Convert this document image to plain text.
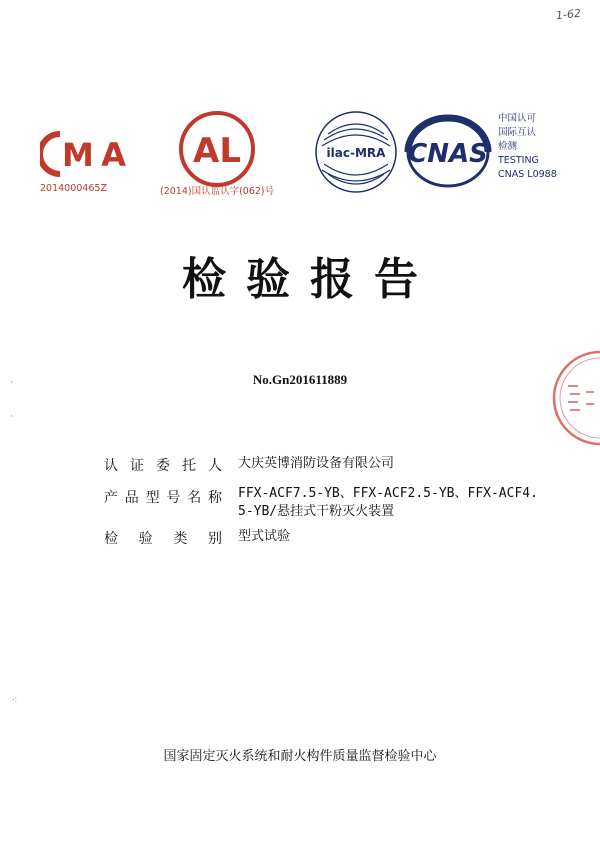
1-62
MA
2014000465Z
AL
(2014)国认监认字(062)号
ilac-MRA CNAS
中国认可
国际互认
检测
TESTING
CNAS L0988
检验报告
No.Gn201611889
认证委托人 大庆英博消防设备有限公司
产品型号名称 FFX-ACF7.5-YB、FFX-ACF2.5-YB、FFX-ACF4.5-YB/悬挂式干粉灭火装置
检验类别 型式试验
·
·
⁖
国家固定灭火系统和耐火构件质量监督检验中心
